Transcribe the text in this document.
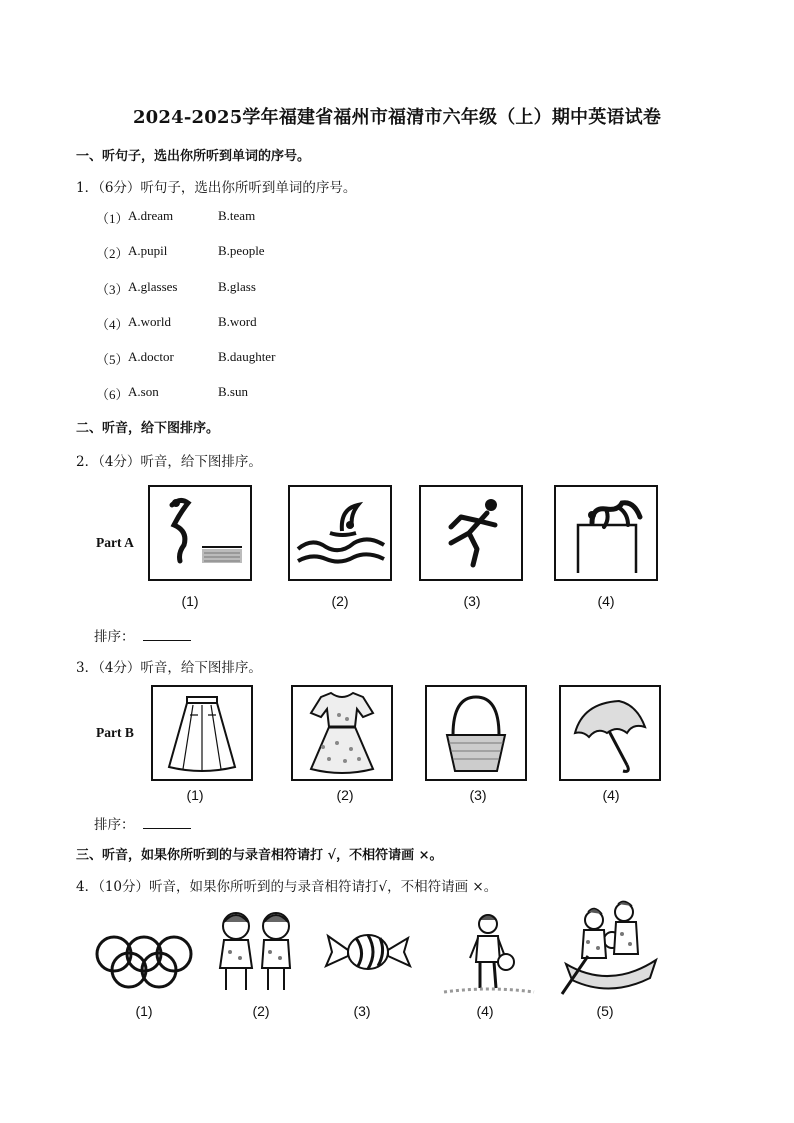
2024-2025学年福建省福州市福清市六年级（上）期中英语试卷
一、听句子，选出你所听到单词的序号。
1．（6分）听句子，选出你所听到单词的序号。
（1） A.dream	B.team
（2） A.pupil	B.people
（3） A.glasses	B.glass
（4） A.world	B.word
（5） A.doctor	B.daughter
（6） A.son	B.sun
二、听音，给下图排序。
2．（4分）听音，给下图排序。
Part A
(1)	(2)	(3)	(4)
排序：
3．（4分）听音，给下图排序。
Part B
(1)	(2)	(3)	(4)
排序：
三、听音，如果你所听到的与录音相符请打 √，不相符请画 ×。
4．（10分）听音，如果你所听到的与录音相符请打√，不相符请画 ×。
(1)	(2)	(3)	(4)	(5)
